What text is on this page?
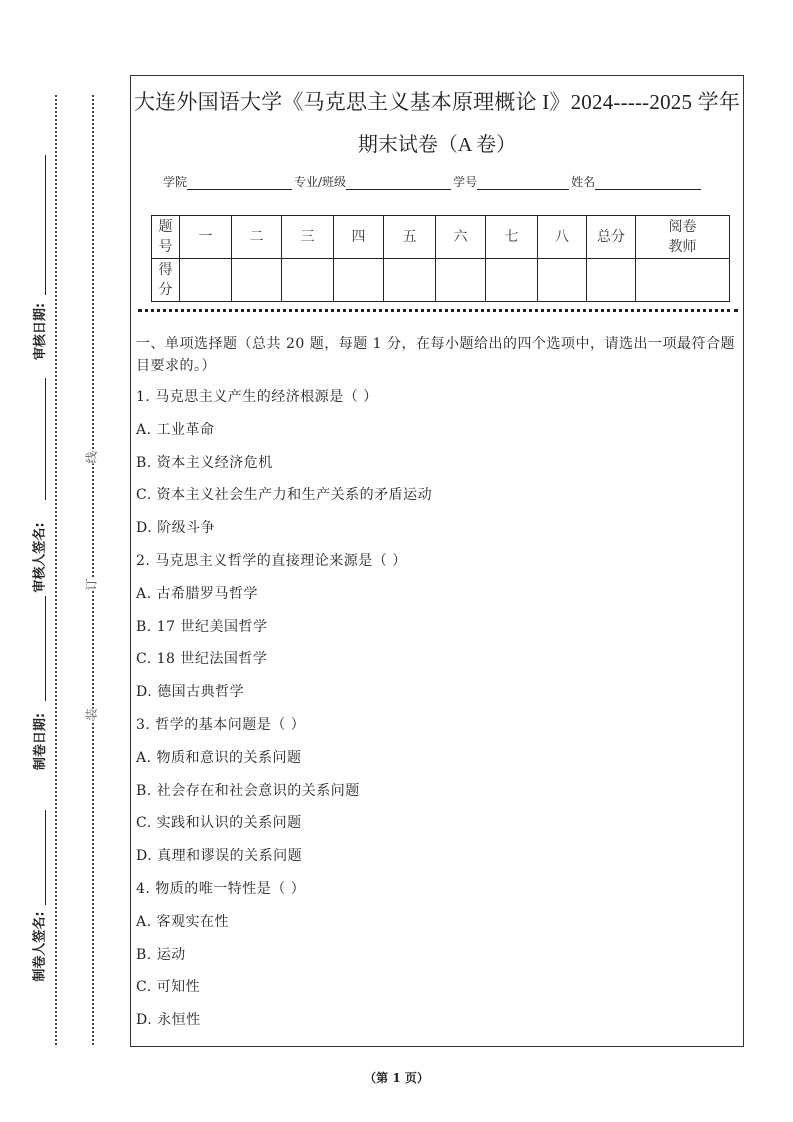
审核日期:
审核人签名:
制卷日期:
制卷人签名:
线
订
装
大连外国语大学《马克思主义基本原理概论 I》2024-----2025 学年
期末试卷（A 卷）
学院	专业/班级	学号	姓名
题号	一	二	三	四	五	六	七	八	总分	阅卷教师
得分										
一、单项选择题（总共 20 题，每题 1 分，在每小题给出的四个选项中，请选出一项最符合题目要求的。）
1. 马克思主义产生的经济根源是（ ）
A. 工业革命
B. 资本主义经济危机
C. 资本主义社会生产力和生产关系的矛盾运动
D. 阶级斗争
2. 马克思主义哲学的直接理论来源是（ ）
A. 古希腊罗马哲学
B. 17 世纪美国哲学
C. 18 世纪法国哲学
D. 德国古典哲学
3. 哲学的基本问题是（ ）
A. 物质和意识的关系问题
B. 社会存在和社会意识的关系问题
C. 实践和认识的关系问题
D. 真理和谬误的关系问题
4. 物质的唯一特性是（ ）
A. 客观实在性
B. 运动
C. 可知性
D. 永恒性
（第 1 页）
